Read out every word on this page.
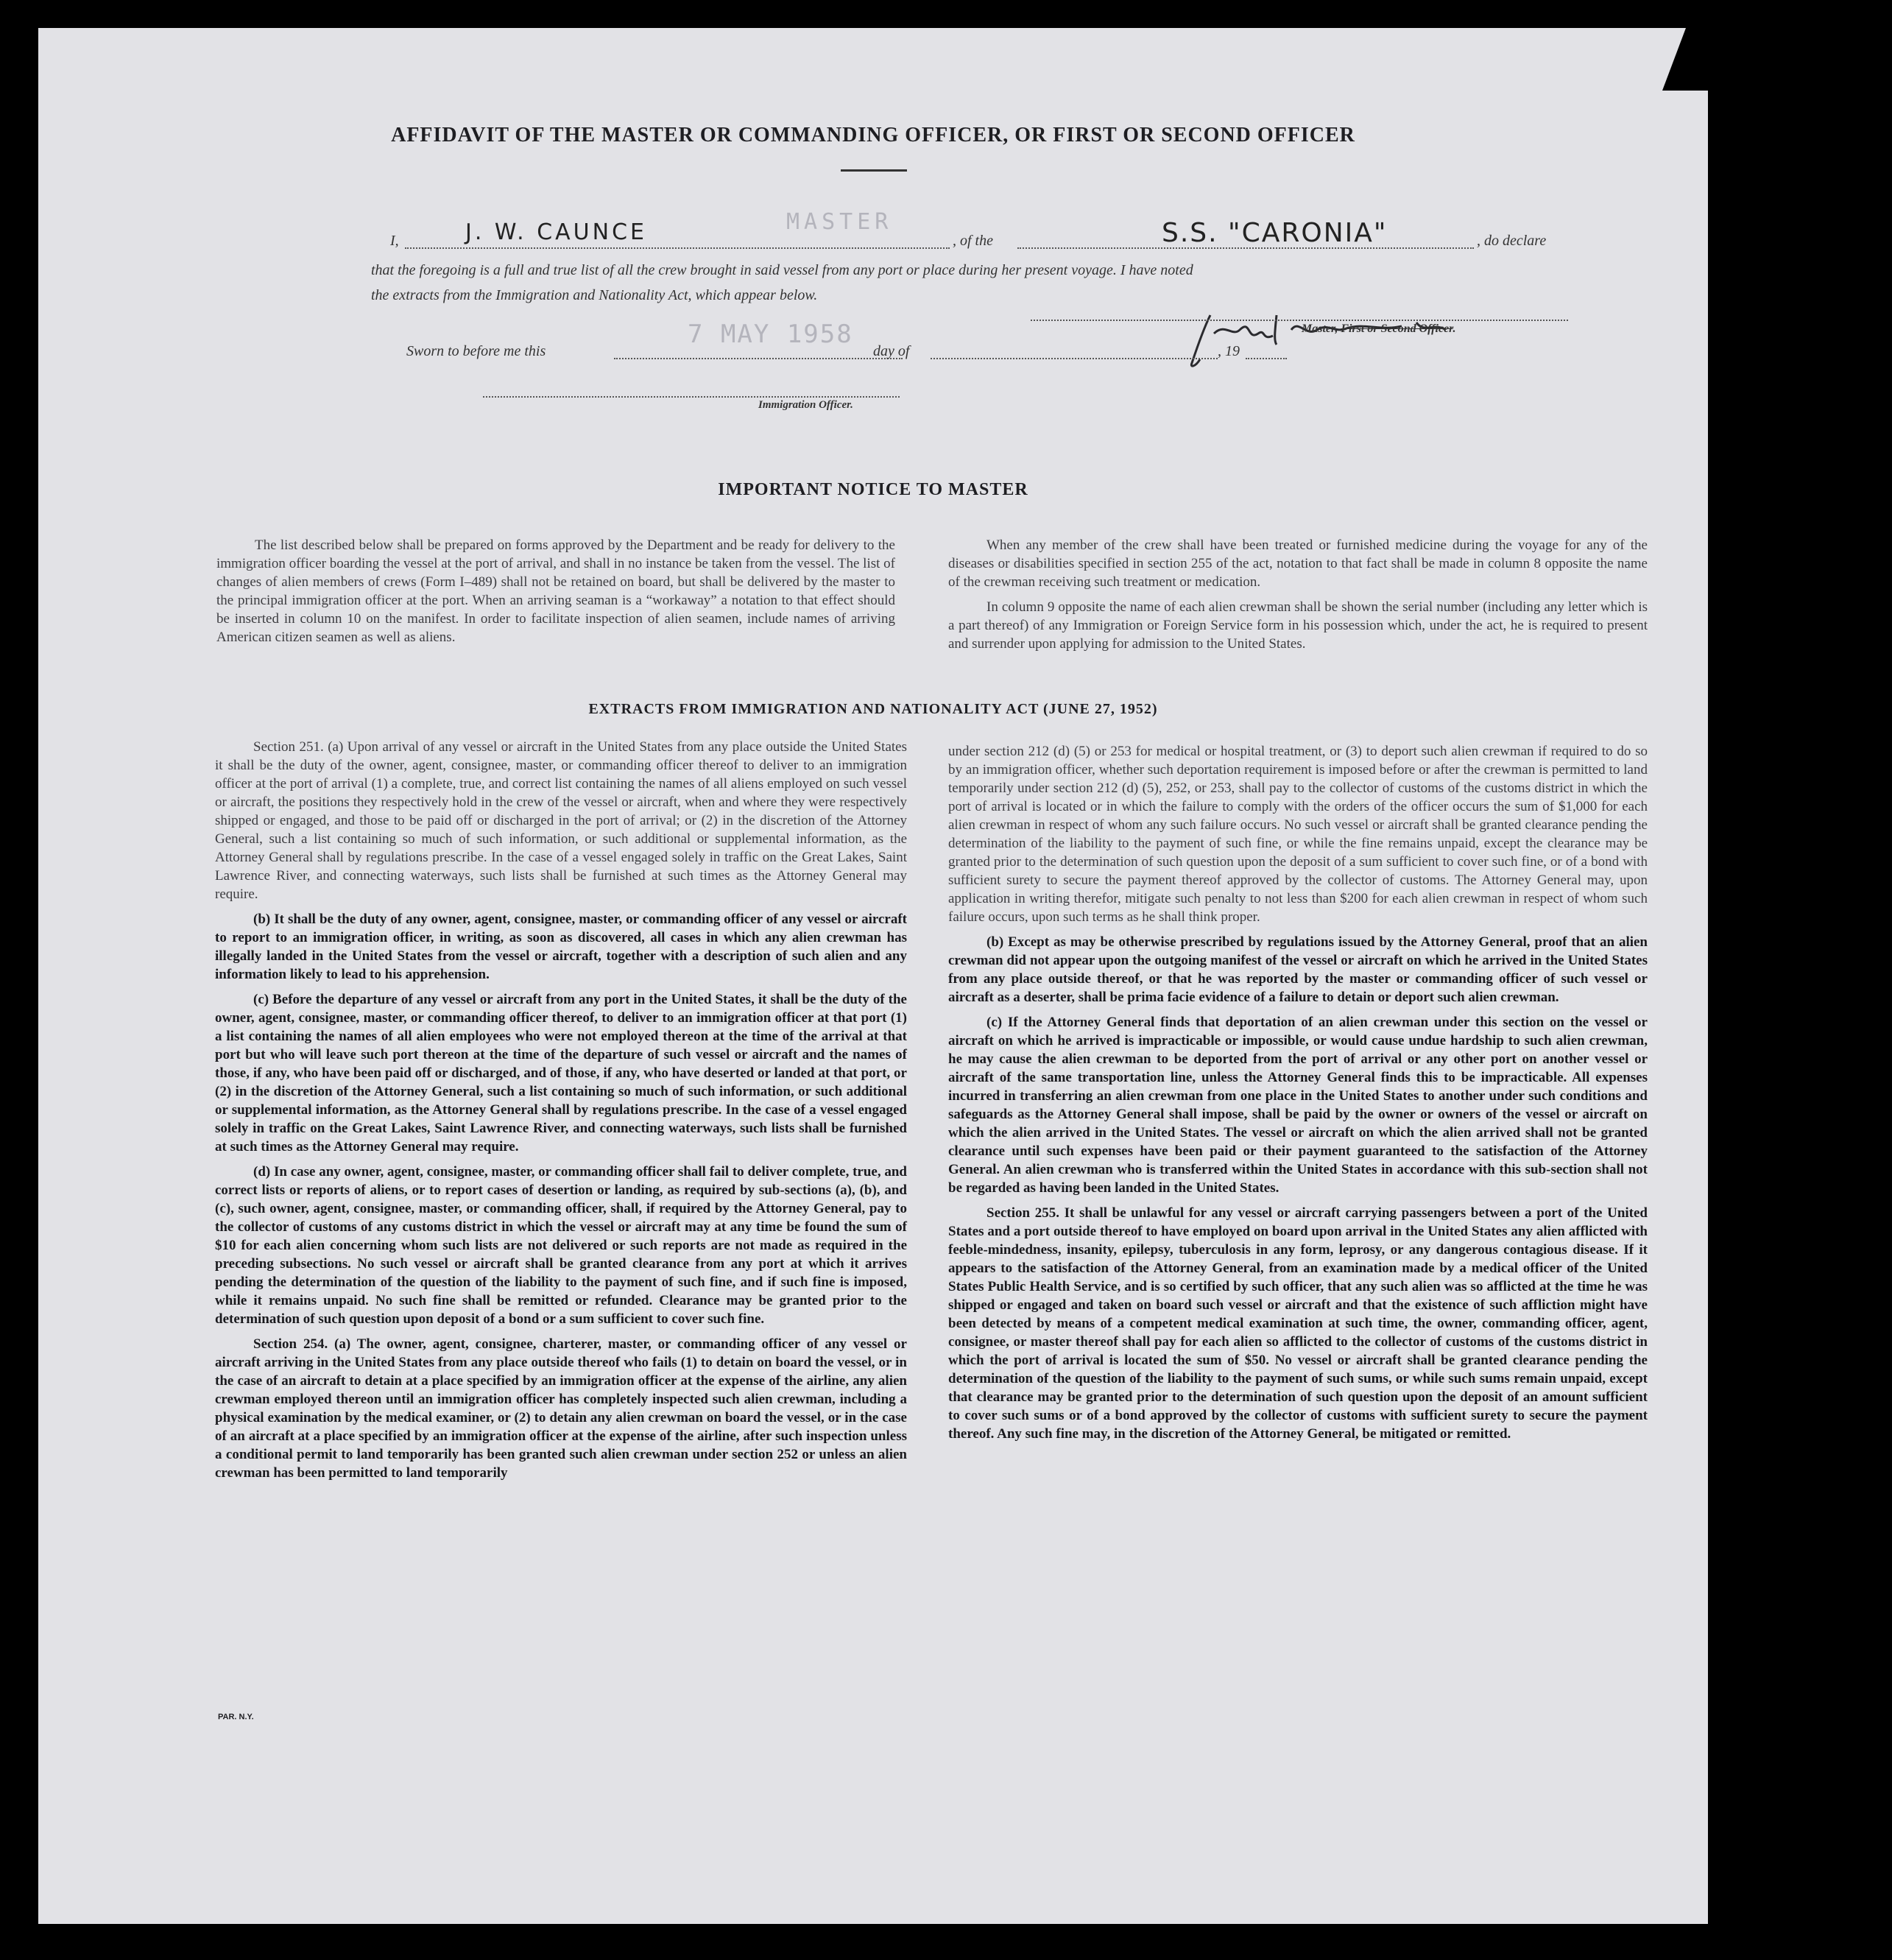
AFFIDAVIT OF THE MASTER OR COMMANDING OFFICER, OR FIRST OR SECOND OFFICER
I,	J. W. CAUNCE	MASTER
, of the	S.S. "CARONIA"	, do declare
that the foregoing is a full and true list of all the crew brought in said vessel from any port or place during her present voyage. I have noted
the extracts from the Immigration and Nationality Act, which appear below.
Master, First or Second Officer.
Sworn to before me this
7 MAY 1958
day of	, 19
Immigration Officer.
IMPORTANT NOTICE TO MASTER

The list described below shall be prepared on forms approved by the Department and be ready for delivery to the immigration officer boarding the vessel at the port of arrival, and shall in no instance be taken from the vessel. The list of changes of alien members of crews (Form I–489) shall not be retained on board, but shall be delivered by the master to the principal immigration officer at the port. When an arriving seaman is a “workaway” a notation to that effect should be inserted in column 10 on the manifest. In order to facilitate inspection of alien seamen, include names of arriving American citizen seamen as well as aliens.

When any member of the crew shall have been treated or furnished medicine during the voyage for any of the diseases or disabilities specified in section 255 of the act, notation to that fact shall be made in column 8 opposite the name of the crewman receiving such treatment or medication.

In column 9 opposite the name of each alien crewman shall be shown the serial number (including any letter which is a part thereof) of any Immigration or Foreign Service form in his possession which, under the act, he is required to present and surrender upon applying for admission to the United States.

EXTRACTS FROM IMMIGRATION AND NATIONALITY ACT (JUNE 27, 1952)

Section 251. (a) Upon arrival of any vessel or aircraft in the United States from any place outside the United States it shall be the duty of the owner, agent, consignee, master, or commanding officer thereof to deliver to an immigration officer at the port of arrival (1) a complete, true, and correct list containing the names of all aliens employed on such vessel or aircraft, the positions they respectively hold in the crew of the vessel or aircraft, when and where they were respectively shipped or engaged, and those to be paid off or discharged in the port of arrival; or (2) in the discretion of the Attorney General, such a list containing so much of such information, or such additional or supplemental information, as the Attorney General shall by regulations prescribe. In the case of a vessel engaged solely in traffic on the Great Lakes, Saint Lawrence River, and connecting waterways, such lists shall be furnished at such times as the Attorney General may require.

(b) It shall be the duty of any owner, agent, consignee, master, or commanding officer of any vessel or aircraft to report to an immigration officer, in writing, as soon as discovered, all cases in which any alien crewman has illegally landed in the United States from the vessel or aircraft, together with a description of such alien and any information likely to lead to his apprehension.

(c) Before the departure of any vessel or aircraft from any port in the United States, it shall be the duty of the owner, agent, consignee, master, or commanding officer thereof, to deliver to an immigration officer at that port (1) a list containing the names of all alien employees who were not employed thereon at the time of the arrival at that port but who will leave such port thereon at the time of the departure of such vessel or aircraft and the names of those, if any, who have been paid off or discharged, and of those, if any, who have deserted or landed at that port, or (2) in the discretion of the Attorney General, such a list containing so much of such information, or such additional or supplemental information, as the Attorney General shall by regulations prescribe. In the case of a vessel engaged solely in traffic on the Great Lakes, Saint Lawrence River, and connecting waterways, such lists shall be furnished at such times as the Attorney General may require.

(d) In case any owner, agent, consignee, master, or commanding officer shall fail to deliver complete, true, and correct lists or reports of aliens, or to report cases of desertion or landing, as required by sub-sections (a), (b), and (c), such owner, agent, consignee, master, or commanding officer, shall, if required by the Attorney General, pay to the collector of customs of any customs district in which the vessel or aircraft may at any time be found the sum of $10 for each alien concerning whom such lists are not delivered or such reports are not made as required in the preceding subsections. No such vessel or aircraft shall be granted clearance from any port at which it arrives pending the determination of the question of the liability to the payment of such fine, and if such fine is imposed, while it remains unpaid. No such fine shall be remitted or refunded. Clearance may be granted prior to the determination of such question upon deposit of a bond or a sum sufficient to cover such fine.

Section 254. (a) The owner, agent, consignee, charterer, master, or commanding officer of any vessel or aircraft arriving in the United States from any place outside thereof who fails (1) to detain on board the vessel, or in the case of an aircraft to detain at a place specified by an immigration officer at the expense of the airline, any alien crewman employed thereon until an immigration officer has completely inspected such alien crewman, including a physical examination by the medical examiner, or (2) to detain any alien crewman on board the vessel, or in the case of an aircraft at a place specified by an immigration officer at the expense of the airline, after such inspection unless a conditional permit to land temporarily has been granted such alien crewman under section 252 or unless an alien crewman has been permitted to land temporarily

under section 212 (d) (5) or 253 for medical or hospital treatment, or (3) to deport such alien crewman if required to do so by an immigration officer, whether such deportation requirement is imposed before or after the crewman is permitted to land temporarily under section 212 (d) (5), 252, or 253, shall pay to the collector of customs of the customs district in which the port of arrival is located or in which the failure to comply with the orders of the officer occurs the sum of $1,000 for each alien crewman in respect of whom any such failure occurs. No such vessel or aircraft shall be granted clearance pending the determination of the liability to the payment of such fine, or while the fine remains unpaid, except the clearance may be granted prior to the determination of such question upon the deposit of a sum sufficient to cover such fine, or of a bond with sufficient surety to secure the payment thereof approved by the collector of customs. The Attorney General may, upon application in writing therefor, mitigate such penalty to not less than $200 for each alien crewman in respect of whom such failure occurs, upon such terms as he shall think proper.

(b) Except as may be otherwise prescribed by regulations issued by the Attorney General, proof that an alien crewman did not appear upon the outgoing manifest of the vessel or aircraft on which he arrived in the United States from any place outside thereof, or that he was reported by the master or commanding officer of such vessel or aircraft as a deserter, shall be prima facie evidence of a failure to detain or deport such alien crewman.

(c) If the Attorney General finds that deportation of an alien crewman under this section on the vessel or aircraft on which he arrived is impracticable or impossible, or would cause undue hardship to such alien crewman, he may cause the alien crewman to be deported from the port of arrival or any other port on another vessel or aircraft of the same transportation line, unless the Attorney General finds this to be impracticable. All expenses incurred in transferring an alien crewman from one place in the United States to another under such conditions and safeguards as the Attorney General shall impose, shall be paid by the owner or owners of the vessel or aircraft on which the alien arrived in the United States. The vessel or aircraft on which the alien arrived shall not be granted clearance until such expenses have been paid or their payment guaranteed to the satisfaction of the Attorney General. An alien crewman who is transferred within the United States in accordance with this sub-section shall not be regarded as having been landed in the United States.

Section 255. It shall be unlawful for any vessel or aircraft carrying passengers between a port of the United States and a port outside thereof to have employed on board upon arrival in the United States any alien afflicted with feeble-mindedness, insanity, epilepsy, tuberculosis in any form, leprosy, or any dangerous contagious disease. If it appears to the satisfaction of the Attorney General, from an examination made by a medical officer of the United States Public Health Service, and is so certified by such officer, that any such alien was so afflicted at the time he was shipped or engaged and taken on board such vessel or aircraft and that the existence of such affliction might have been detected by means of a competent medical examination at such time, the owner, commanding officer, agent, consignee, or master thereof shall pay for each alien so afflicted to the collector of customs of the customs district in which the port of arrival is located the sum of $50. No vessel or aircraft shall be granted clearance pending the determination of the question of the liability to the payment of such sums, or while such sums remain unpaid, except that clearance may be granted prior to the determination of such question upon the deposit of an amount sufficient to cover such sums or of a bond approved by the collector of customs with sufficient surety to secure the payment thereof. Any such fine may, in the discretion of the Attorney General, be mitigated or remitted.

PAR. N.Y.
